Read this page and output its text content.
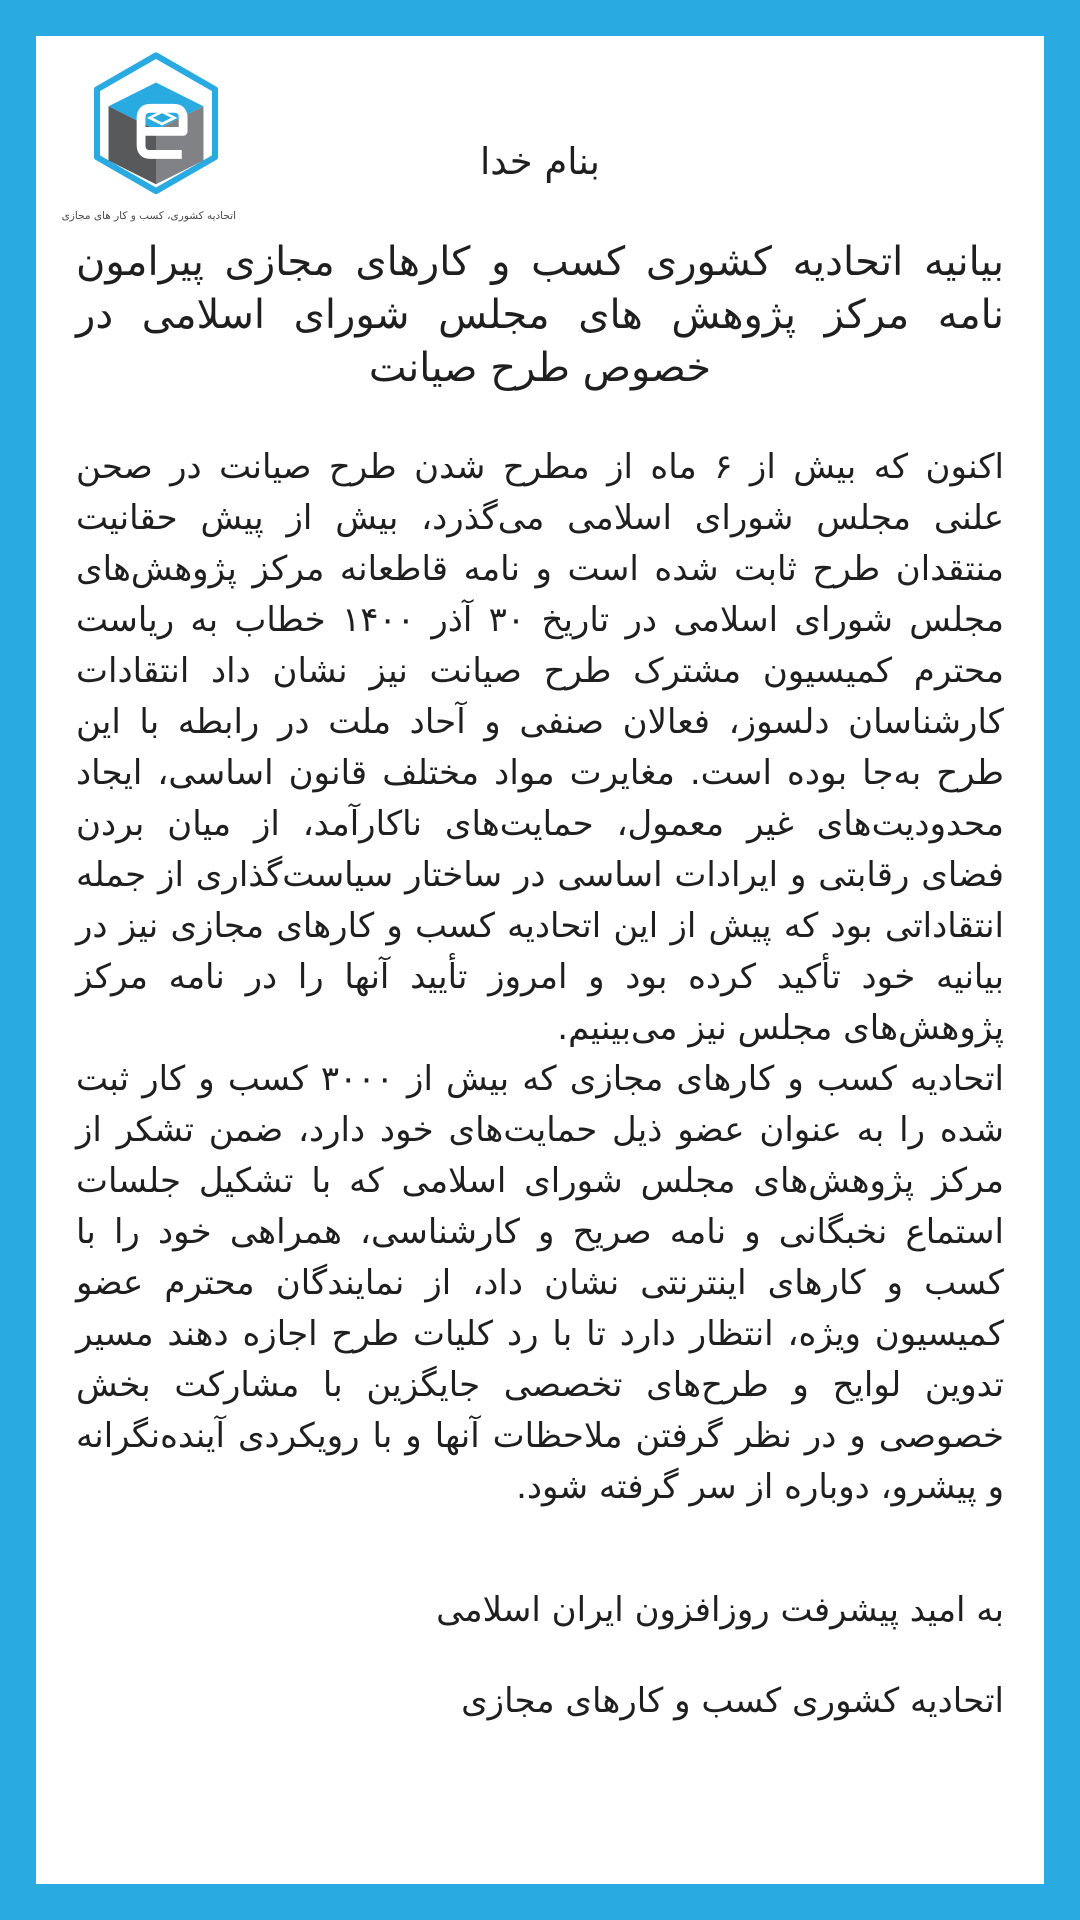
اتحادیه کشوری، کسب و کار های مجازی
بنام خدا
بیانیه اتحادیه کشوری کسب و کارهای مجازی پیرامون نامه مرکز پژوهش های مجلس شورای اسلامی در خصوص طرح صیانت

اکنون که بیش از ۶ ماه از مطرح شدن طرح صیانت در صحن علنی مجلس شورای اسلامی می‌گذرد، بیش از پیش حقانیت منتقدان طرح ثابت شده است و نامه قاطعانه مرکز پژوهش‌های مجلس شورای اسلامی در تاریخ ۳۰ آذر ۱۴۰۰ خطاب به ریاست محترم کمیسیون مشترک طرح صیانت نیز نشان داد انتقادات کارشناسان دلسوز، فعالان صنفی و آحاد ملت در رابطه با این طرح به‌جا بوده است. مغایرت مواد مختلف قانون اساسی، ایجاد محدودیت‌های غیر معمول، حمایت‌های ناکارآمد، از میان بردن فضای رقابتی و ایرادات اساسی در ساختار سیاست‌گذاری از جمله انتقاداتی بود که پیش از این اتحادیه کسب و کارهای مجازی نیز در بیانیه خود تأکید کرده بود و امروز تأیید آنها را در نامه مرکز پژوهش‌های مجلس نیز می‌بینیم.

اتحادیه کسب و کارهای مجازی که بیش از ۳۰۰۰ کسب و کار ثبت شده را به عنوان عضو ذیل حمایت‌های خود دارد، ضمن تشکر از مرکز پژوهش‌های مجلس شورای اسلامی که با تشکیل جلسات استماع نخبگانی و نامه صریح و کارشناسی، همراهی خود را با کسب و کارهای اینترنتی نشان داد، از نمایندگان محترم عضو کمیسیون ویژه، انتظار دارد تا با رد کلیات طرح اجازه دهند مسیر تدوین لوایح و طرح‌های تخصصی جایگزین با مشارکت بخش خصوصی و در نظر گرفتن ملاحظات آنها و با رویکردی آینده‌نگرانه و پیشرو، دوباره از سر گرفته شود.

به امید پیشرفت روزافزون ایران اسلامی

اتحادیه کشوری کسب و کارهای مجازی
